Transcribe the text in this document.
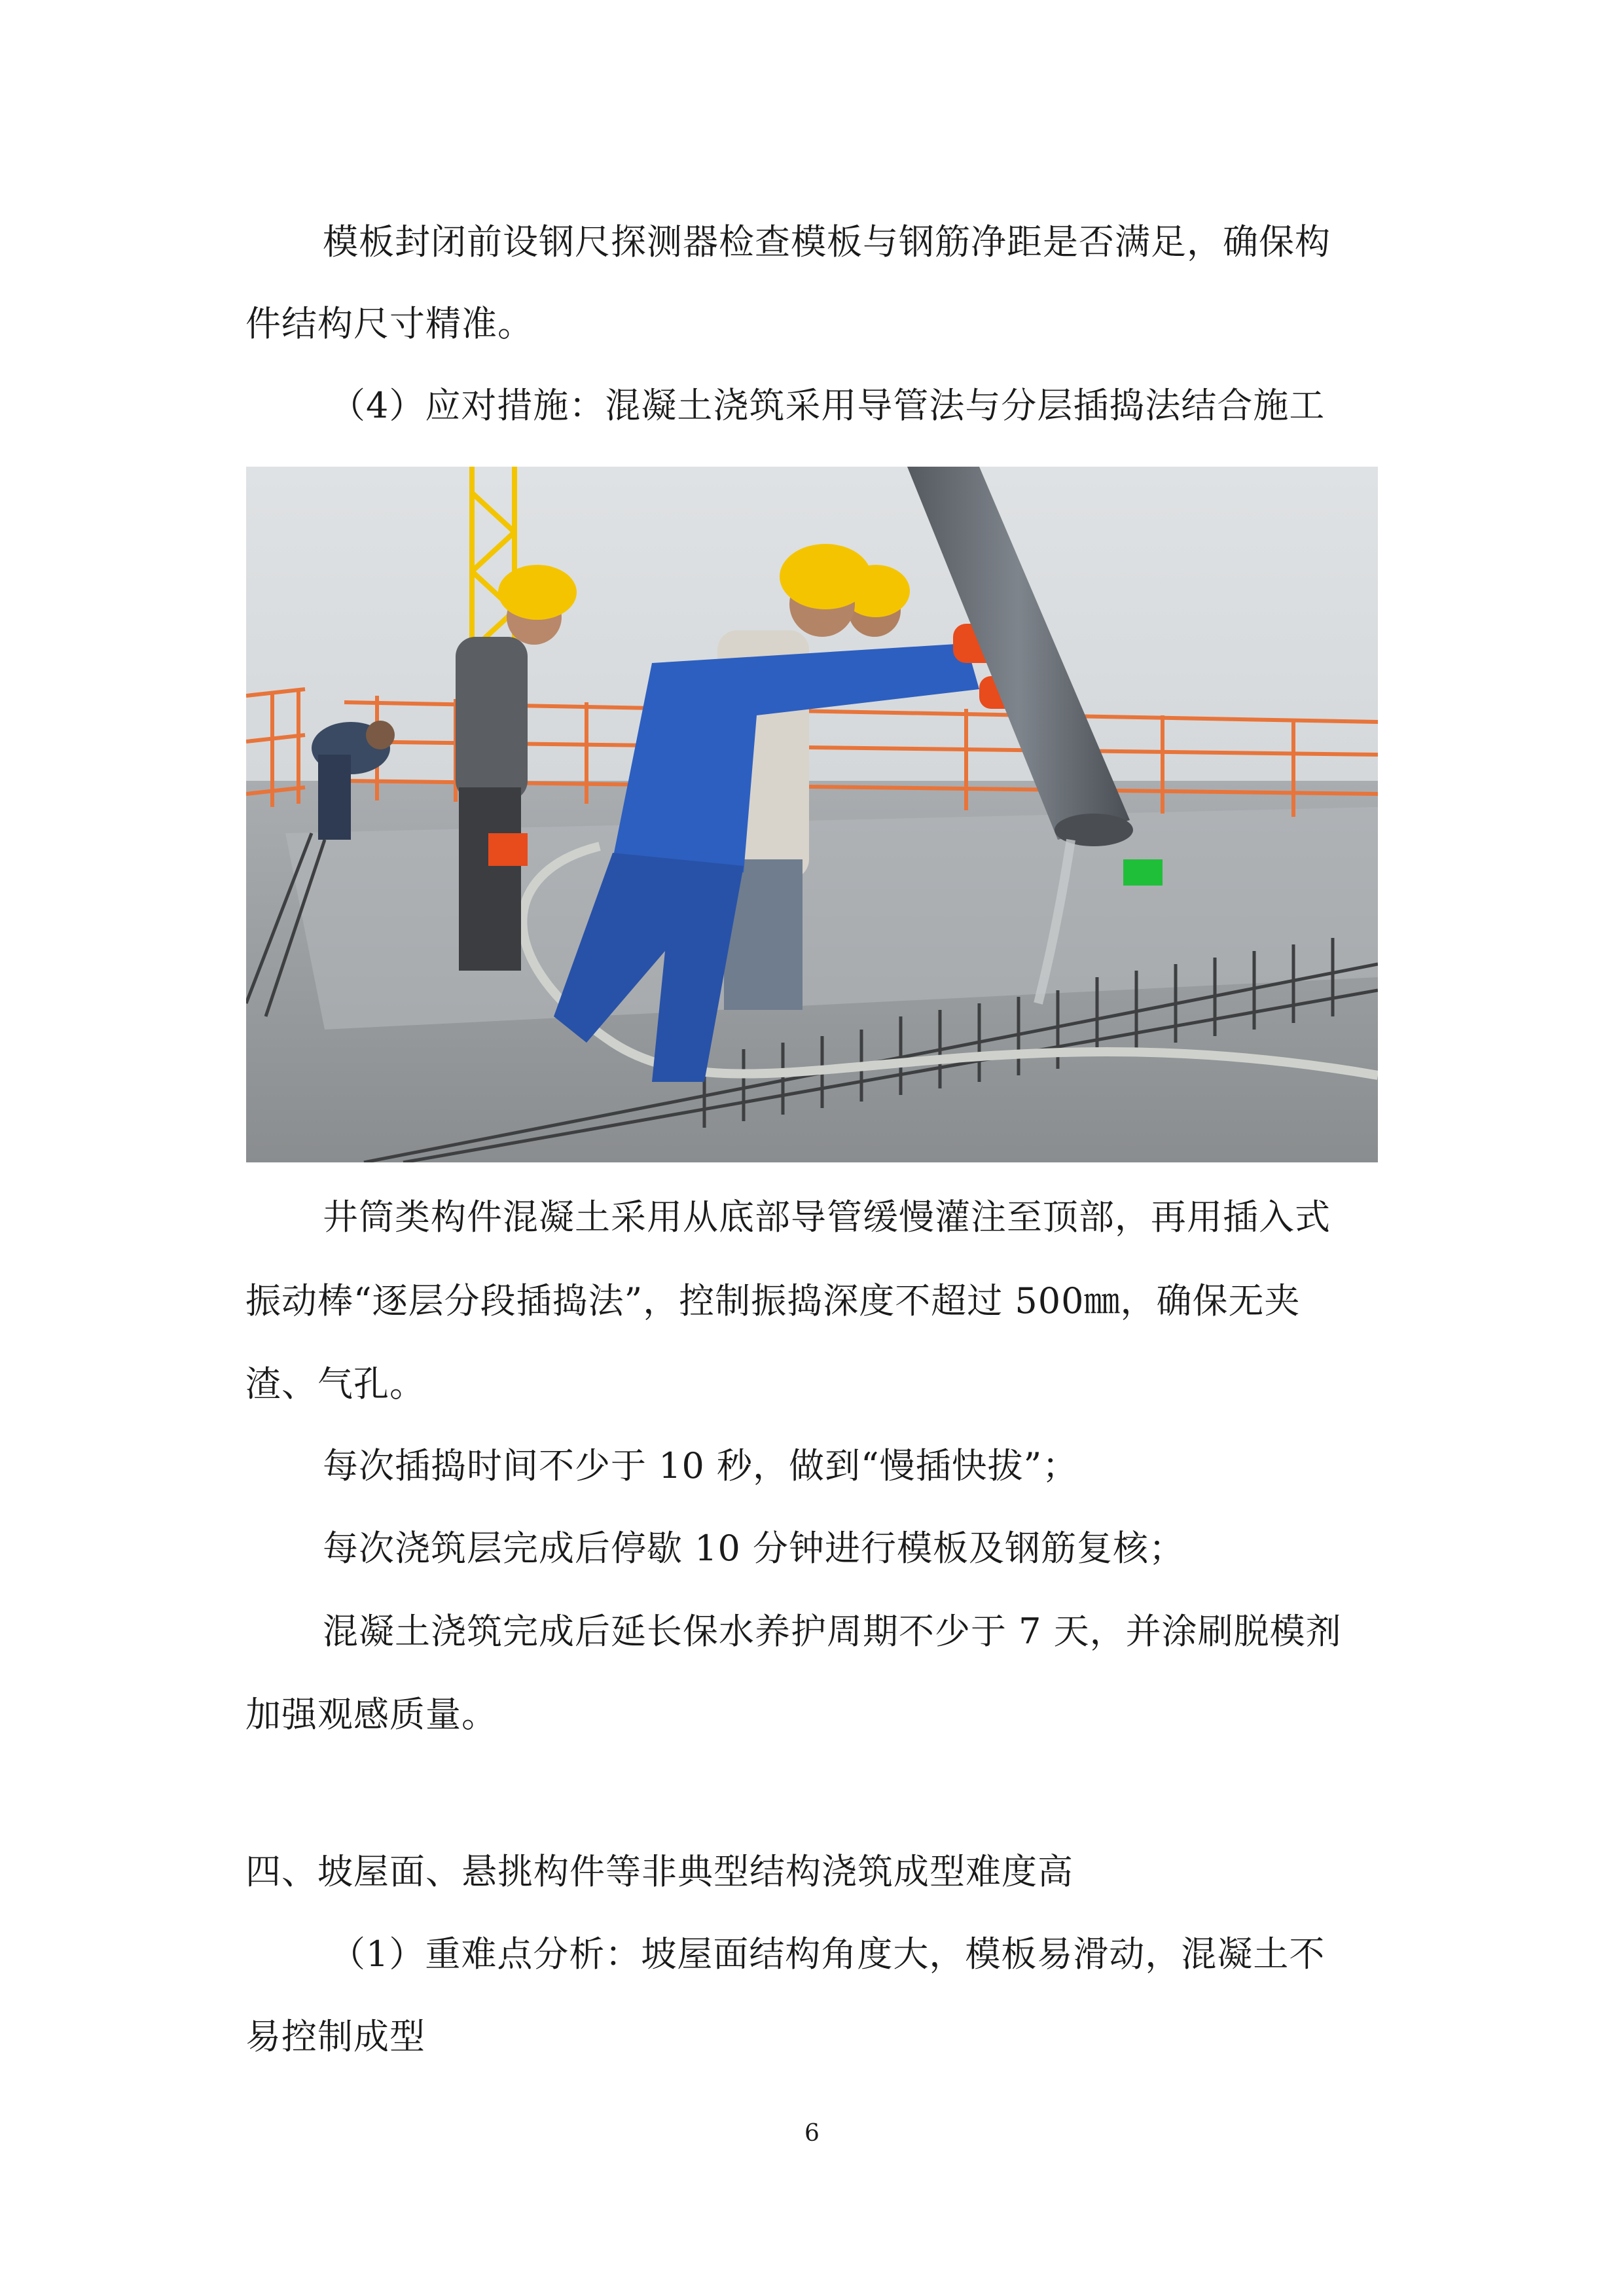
模板封闭前设钢尺探测器检查模板与钢筋净距是否满足，确保构
件结构尺寸精准。
（4）应对措施：混凝土浇筑采用导管法与分层插捣法结合施工
井筒类构件混凝土采用从底部导管缓慢灌注至顶部，再用插入式
振动棒“逐层分段插捣法”，控制振捣深度不超过 500㎜，确保无夹
渣、气孔。
每次插捣时间不少于 10 秒，做到“慢插快拔”；
每次浇筑层完成后停歇 10 分钟进行模板及钢筋复核；
混凝土浇筑完成后延长保水养护周期不少于 7 天，并涂刷脱模剂
加强观感质量。
四、坡屋面、悬挑构件等非典型结构浇筑成型难度高
（1）重难点分析：坡屋面结构角度大，模板易滑动，混凝土不
易控制成型
6
